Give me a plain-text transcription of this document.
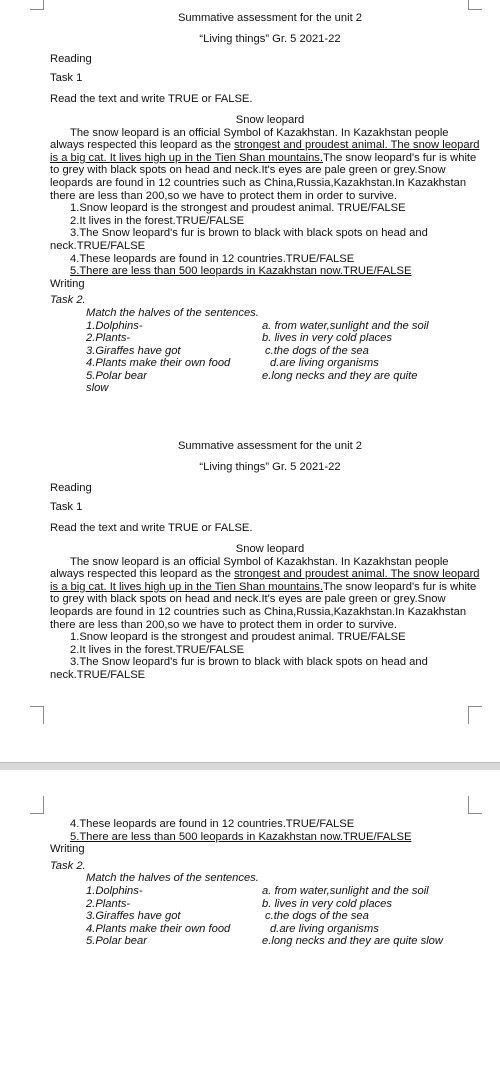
Summative assessment for the unit 2
“Living things” Gr. 5 2021-22
Reading
Task 1
Read the text and write TRUE or FALSE.
Snow leopard
The snow leopard is an official Symbol of Kazakhstan. In Kazakhstan people
always respected this leopard as the strongest and proudest animal. The snow leopard
is a big cat. It lives high up in the Tien Shan mountains.The snow leopard's fur is white
to grey with black spots on head and neck.It's eyes are pale green or grey.Snow
leopards are found in 12 countries such as China,Russia,Kazakhstan.In Kazakhstan
there are less than 200,so we have to protect them in order to survive.
1.Snow leopard is the strongest and proudest animal. TRUE/FALSE
2.It lives in the forest.TRUE/FALSE
3.The Snow leopard's fur is brown to black with black spots on head and
neck.TRUE/FALSE
4.These leopards are found in 12 countries.TRUE/FALSE
5.There are less than 500 leopards in Kazakhstan now.TRUE/FALSE
Writing
Task 2.
Match the halves of the sentences.
1.Dolphins-	a. from water,sunlight and the soil
2.Plants-	b. lives in very cold places
3.Giraffes have got	c.the dogs of the sea
4.Plants make their own food	d.are living organisms
5.Polar bear	e.long necks and they are quite
slow
Summative assessment for the unit 2
“Living things” Gr. 5 2021-22
Reading
Task 1
Read the text and write TRUE or FALSE.
Snow leopard
The snow leopard is an official Symbol of Kazakhstan. In Kazakhstan people
always respected this leopard as the strongest and proudest animal. The snow leopard
is a big cat. It lives high up in the Tien Shan mountains.The snow leopard's fur is white
to grey with black spots on head and neck.It's eyes are pale green or grey.Snow
leopards are found in 12 countries such as China,Russia,Kazakhstan.In Kazakhstan
there are less than 200,so we have to protect them in order to survive.
1.Snow leopard is the strongest and proudest animal. TRUE/FALSE
2.It lives in the forest.TRUE/FALSE
3.The Snow leopard's fur is brown to black with black spots on head and
neck.TRUE/FALSE
4.These leopards are found in 12 countries.TRUE/FALSE
5.There are less than 500 leopards in Kazakhstan now.TRUE/FALSE
Writing
Task 2.
Match the halves of the sentences.
1.Dolphins-	a. from water,sunlight and the soil
2.Plants-	b. lives in very cold places
3.Giraffes have got	c.the dogs of the sea
4.Plants make their own food	d.are living organisms
5.Polar bear	e.long necks and they are quite slow
